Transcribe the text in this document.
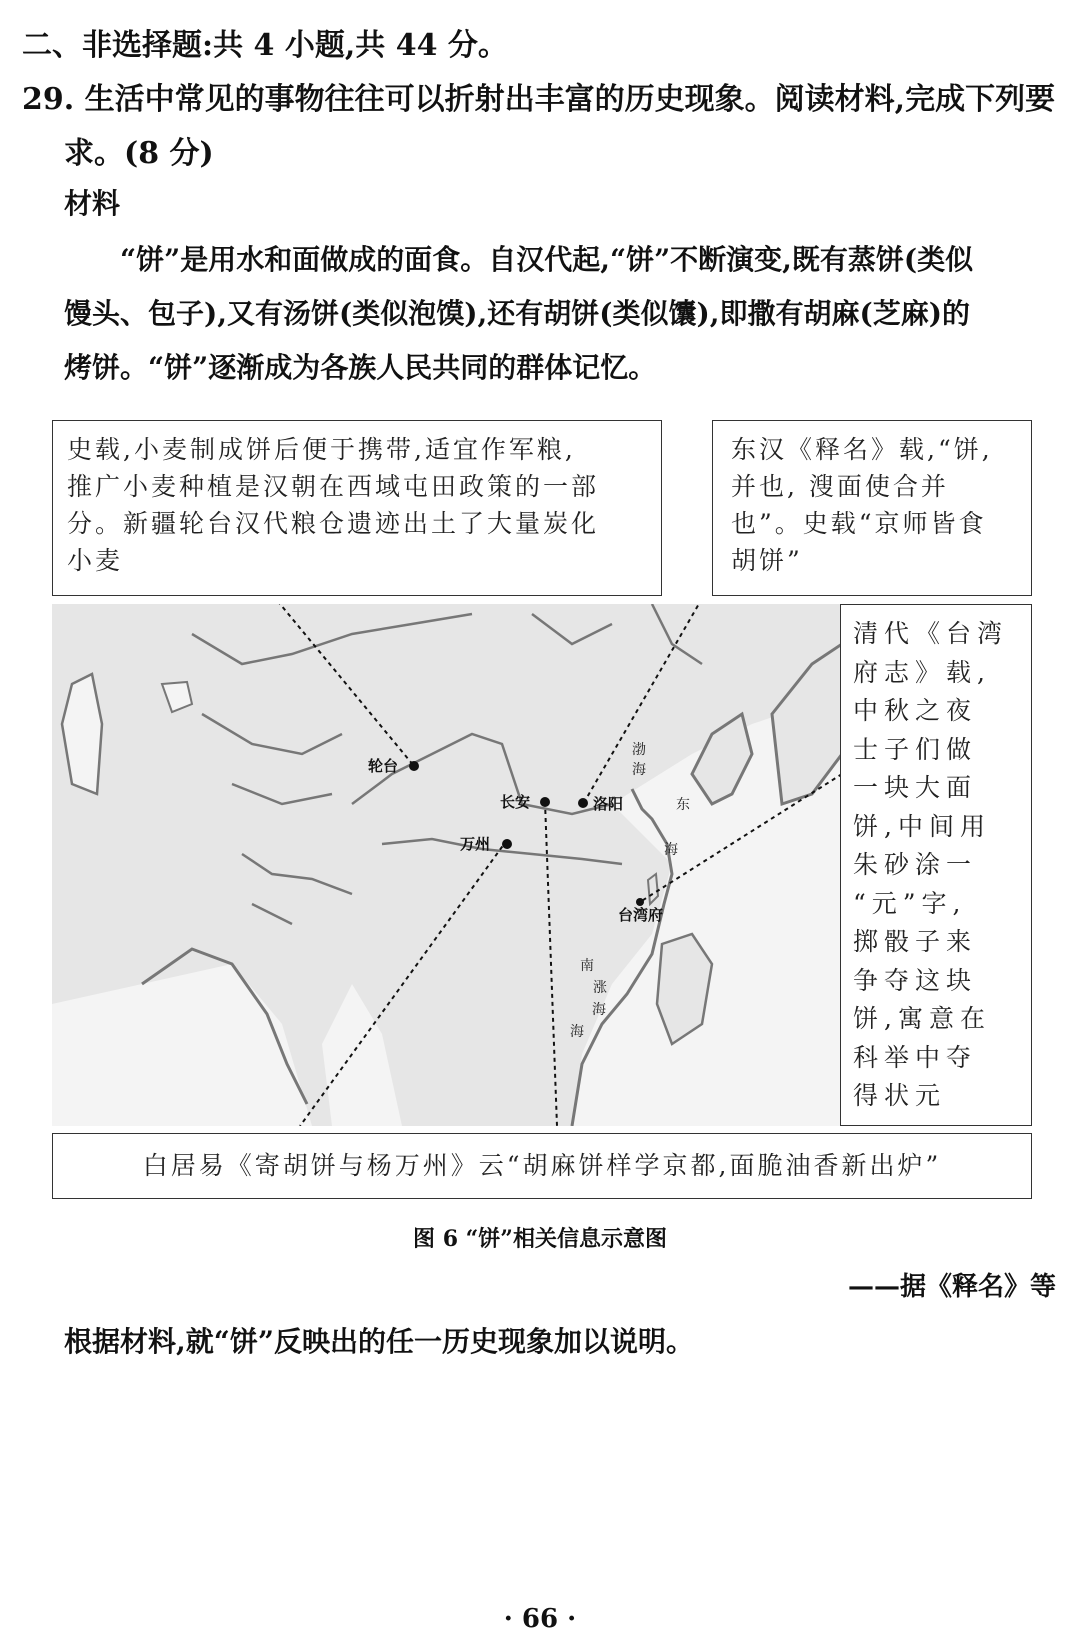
二、非选择题:共 4 小题,共 44 分。
29. 生活中常见的事物往往可以折射出丰富的历史现象。阅读材料,完成下列要
求。(8 分)
材料
“饼”是用水和面做成的面食。自汉代起,“饼”不断演变,既有蒸饼(类似
馒头、包子),又有汤饼(类似泡馍),还有胡饼(类似馕),即撒有胡麻(芝麻)的
烤饼。“饼”逐渐成为各族人民共同的群体记忆。
轮台
长安	洛阳
万州
台湾府
渤
海
东
海
南
涨
海
海

史载,小麦制成饼后便于携带,适宜作军粮,

推广小麦种植是汉朝在西域屯田政策的一部

分。新疆轮台汉代粮仓遗迹出土了大量炭化

小麦

东汉《释名》载,“饼,

并也, 溲面使合并

也”。史载“京师皆食

胡饼”

清代《台湾

府志》载,

中秋之夜

士子们做

一块大面

饼,中间用

朱砂涂一

“元”字,

掷骰子来

争夺这块

饼,寓意在

科举中夺

得状元

白居易《寄胡饼与杨万州》云“胡麻饼样学京都,面脆油香新出炉”

图 6 “饼”相关信息示意图
——据《释名》等
根据材料,就“饼”反映出的任一历史现象加以说明。
· 66 ·
